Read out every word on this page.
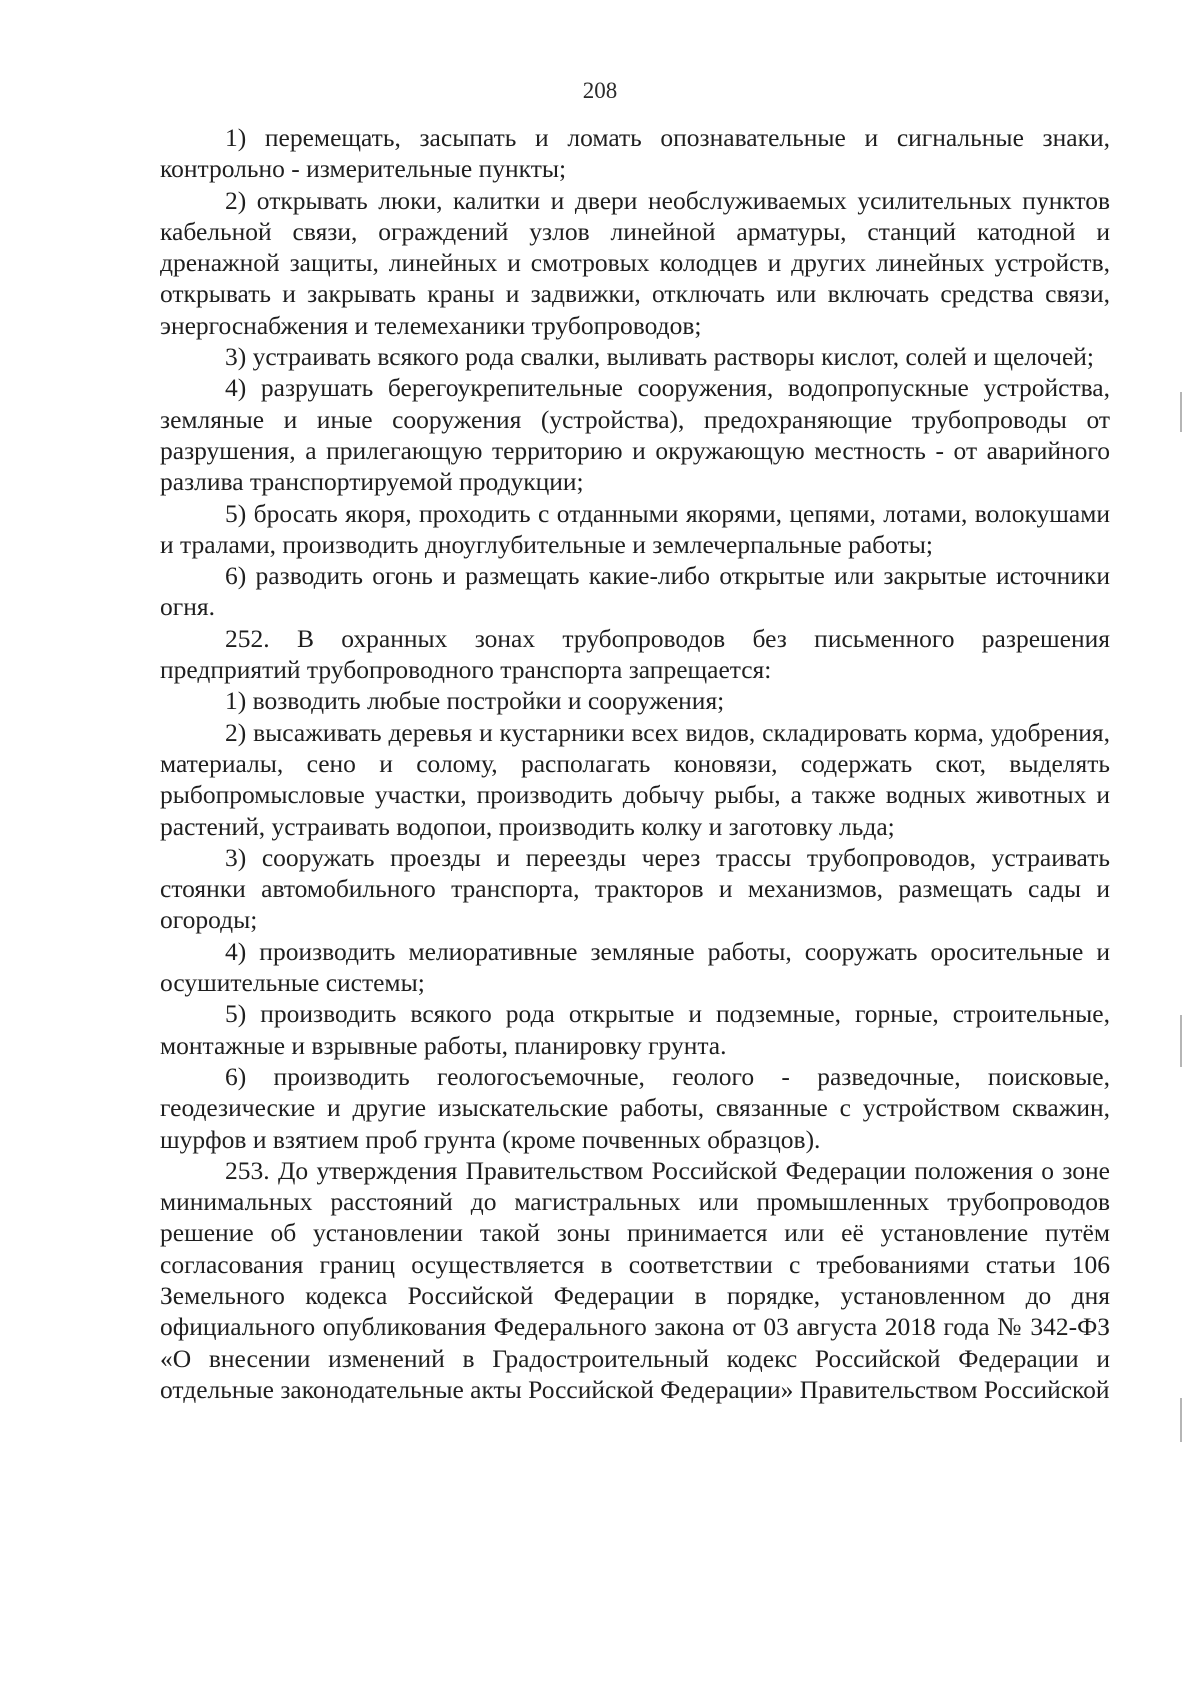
208

1) перемещать, засыпать и ломать опознавательные и сигнальные знаки, контрольно - измерительные пункты;

2) открывать люки, калитки и двери необслуживаемых усилительных пунктов кабельной связи, ограждений узлов линейной арматуры, станций катодной и дренажной защиты, линейных и смотровых колодцев и других линейных устройств, открывать и закрывать краны и задвижки, отключать или включать средства связи, энергоснабжения и телемеханики трубопроводов;

3) устраивать всякого рода свалки, выливать растворы кислот, солей и щелочей;

4) разрушать берегоукрепительные сооружения, водопропускные устройства, земляные и иные сооружения (устройства), предохраняющие трубопроводы от разрушения, а прилегающую территорию и окружающую местность - от аварийного разлива транспортируемой продукции;

5) бросать якоря, проходить с отданными якорями, цепями, лотами, волокушами и тралами, производить дноуглубительные и землечерпальные работы;

6) разводить огонь и размещать какие-либо открытые или закрытые источники огня.

252. В охранных зонах трубопроводов без письменного разрешения предприятий трубопроводного транспорта запрещается:

1) возводить любые постройки и сооружения;

2) высаживать деревья и кустарники всех видов, складировать корма, удобрения, материалы, сено и солому, располагать коновязи, содержать скот, выделять рыбопромысловые участки, производить добычу рыбы, а также водных животных и растений, устраивать водопои, производить колку и заготовку льда;

3) сооружать проезды и переезды через трассы трубопроводов, устраивать стоянки автомобильного транспорта, тракторов и механизмов, размещать сады и огороды;

4) производить мелиоративные земляные работы, сооружать оросительные и осушительные системы;

5) производить всякого рода открытые и подземные, горные, строительные, монтажные и взрывные работы, планировку грунта.

6) производить геологосъемочные, геолого - разведочные, поисковые, геодезические и другие изыскательские работы, связанные с устройством скважин, шурфов и взятием проб грунта (кроме почвенных образцов).

253. До утверждения Правительством Российской Федерации положения о зоне минимальных расстояний до магистральных или промышленных трубопроводов решение об установлении такой зоны принимается или её установление путём согласования границ осуществляется в соответствии с требованиями статьи 106 Земельного кодекса Российской Федерации в порядке, установленном до дня официального опубликования Федерального закона от 03 августа 2018 года № 342-ФЗ «О внесении изменений в Градостроительный кодекс Российской Федерации и отдельные законодательные акты Российской Федерации» Правительством Российской
